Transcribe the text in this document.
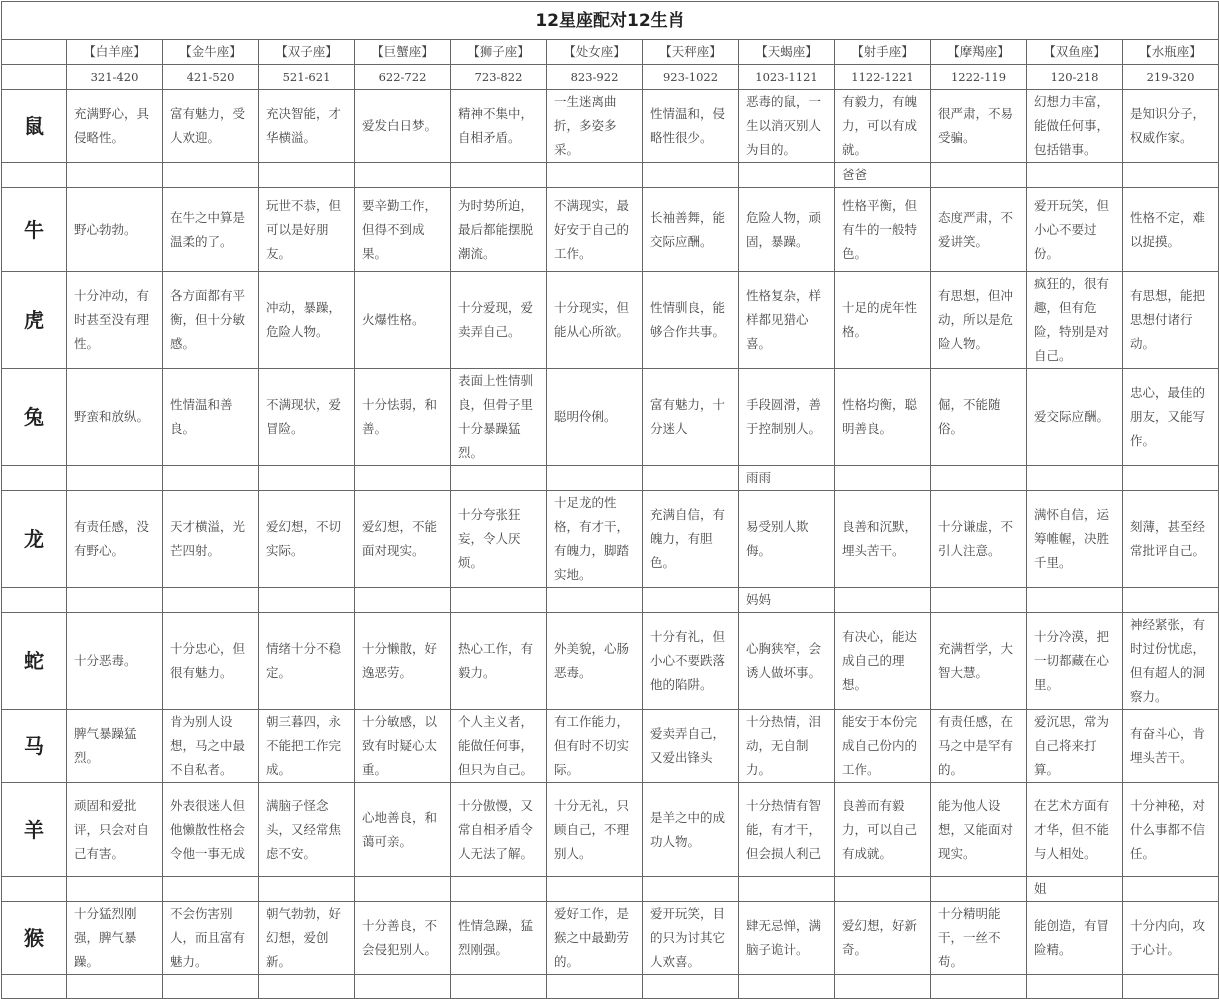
12星座配对12生肖												
	【白羊座】	【金牛座】	【双子座】	【巨蟹座】	【狮子座】	【处女座】	【天秤座】	【天蝎座】	【射手座】	【摩羯座】	【双鱼座】	【水瓶座】
	321-420	421-520	521-621	622-722	723-822	823-922	923-1022	1023-1121	1122-1221	1222-119	120-218	219-320
鼠	充满野心，具侵略性。	富有魅力，受人欢迎。	充决智能，才华横溢。	爱发白日梦。	精神不集中，自相矛盾。	一生迷离曲折，多姿多采。	性情温和，侵略性很少。	恶毒的鼠，一生以消灭别人为目的。	有毅力，有魄力，可以有成就。	很严肃，不易受骗。	幻想力丰富，能做任何事，包括错事。	是知识分子，权威作家。
									爸爸			
牛	野心勃勃。	在牛之中算是温柔的了。	玩世不恭，但可以是好朋友。	要辛勤工作，但得不到成果。	为时势所迫，最后都能摆脱潮流。	不满现实，最好安于自己的工作。	长袖善舞，能交际应酬。	危险人物，顽固，暴躁。	性格平衡，但有牛的一般特色。	态度严肃，不爱讲笑。	爱开玩笑，但小心不要过份。	性格不定，难以捉摸。
虎	十分冲动，有时甚至没有理性。	各方面都有平衡，但十分敏感。	冲动，暴躁，危险人物。	火爆性格。	十分爱现，爱卖弄自己。	十分现实，但能从心所欲。	性情驯良，能够合作共事。	性格复杂，样样都见猎心喜。	十足的虎年性格。	有思想，但冲动，所以是危险人物。	疯狂的，很有趣，但有危险，特别是对自己。	有思想，能把思想付诸行动。
兔	野蛮和放纵。	性情温和善良。	不满现状，爱冒险。	十分怯弱，和善。	表面上性情驯良，但骨子里十分暴躁猛烈。	聪明伶俐。	富有魅力，十分迷人	手段圆滑，善于控制别人。	性格均衡，聪明善良。	倔，不能随俗。	爱交际应酬。	忠心，最佳的朋友，又能写作。
								雨雨				
龙	有责任感，没有野心。	天才横溢，光芒四射。	爱幻想，不切实际。	爱幻想，不能面对现实。	十分夸张狂妄，令人厌烦。	十足龙的性格，有才干，有魄力，脚踏实地。	充满自信，有魄力，有胆色。	易受别人欺侮。	良善和沉默，埋头苦干。	十分谦虚，不引人注意。	满怀自信，运筹帷幄，决胜千里。	刻薄，甚至经常批评自己。
								妈妈				
蛇	十分恶毒。	十分忠心，但很有魅力。	情绪十分不稳定。	十分懒散，好逸恶劳。	热心工作，有毅力。	外美貌，心肠恶毒。	十分有礼，但小心不要跌落他的陷阱。	心胸狭窄，会诱人做坏事。	有决心，能达成自己的理想。	充满哲学，大智大慧。	十分冷漠，把一切都藏在心里。	神经紧张，有时过份忧虑，但有超人的洞察力。
马	脾气暴躁猛烈。	肯为别人设想，马之中最不自私者。	朝三暮四，永不能把工作完成。	十分敏感，以致有时疑心太重。	个人主义者，能做任何事，但只为自己。	有工作能力，但有时不切实际。	爱卖弄自己，又爱出锋头	十分热情，泪动，无自制力。	能安于本份完成自己份内的工作。	有责任感，在马之中是罕有的。	爱沉思，常为自己将来打算。	有奋斗心，肯埋头苦干。
羊	顽固和爱批评，只会对自己有害。	外表很迷人但他懒散性格会令他一事无成	满脑子怪念头，又经常焦虑不安。	心地善良，和蔼可亲。	十分傲慢，又常自相矛盾令人无法了解。	十分无礼，只顾自己，不理别人。	是羊之中的成功人物。	十分热情有智能，有才干，但会损人利己	良善而有毅力，可以自己有成就。	能为他人设想，又能面对现实。	在艺术方面有才华，但不能与人相处。	十分神秘，对什么事都不信任。
											姐	
猴	十分猛烈刚强，脾气暴躁。	不会伤害别人，而且富有魅力。	朝气勃勃，好幻想，爱创新。	十分善良，不会侵犯别人。	性情急躁，猛烈刚强。	爱好工作，是猴之中最勤劳的。	爱开玩笑，目的只为讨其它人欢喜。	肆无忌惮，满脑子诡计。	爱幻想，好新奇。	十分精明能干，一丝不苟。	能创造，有冒险精。	十分内向，攻于心计。
